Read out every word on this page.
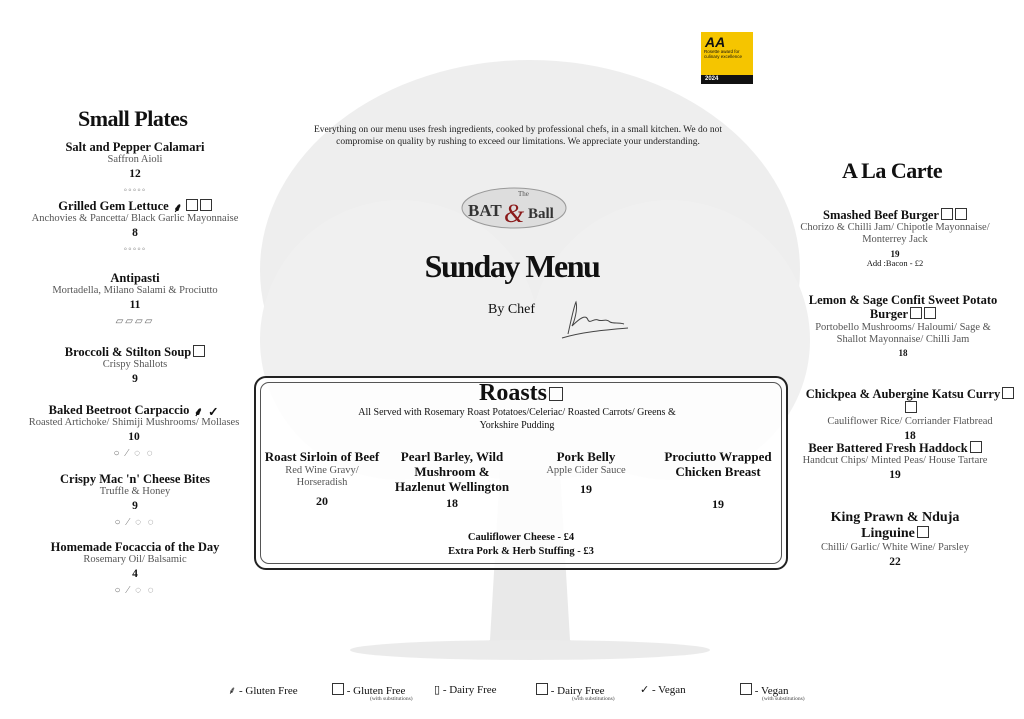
AA
Rosette award for culinary excellence
2024
Everything on our menu uses fresh ingredients, cooked by professional chefs, in a small kitchen. We do not compromise on quality by rushing to exceed our limitations. We appreciate your understanding.
The
BAT & Ball
Sunday Menu
By Chef
Small Plates
Salt and Pepper Calamari
Saffron Aioli
12
◦◦◦◦◦
Grilled Gem Lettuce ⸙
Anchovies & Pancetta/ Black Garlic Mayonnaise
8
◦◦◦◦◦
Antipasti
Mortadella, Milano Salami & Prociutto
11
▱▱▱▱
Broccoli & Stilton Soup
Crispy Shallots
9
Baked Beetroot Carpaccio ⸙ ✓
Roasted Artichoke/ Shimiji Mushrooms/ Mollases
10
○ ⁄ ◌ ◌
Crispy Mac 'n' Cheese Bites
Truffle & Honey
9
○ ⁄ ◌ ◌
Homemade Focaccia of the Day
Rosemary Oil/ Balsamic
4
○ ⁄ ◌ ◌
Roasts
All Served with Rosemary Roast Potatoes/Celeriac/ Roasted Carrots/ Greens & Yorkshire Pudding
Roast Sirloin of Beef
Red Wine Gravy/ Horseradish
20
Pearl Barley, Wild Mushroom & Hazlenut Wellington
18
Pork Belly
Apple Cider Sauce
19
Prociutto Wrapped Chicken Breast
19
Cauliflower Cheese - £4
Extra Pork & Herb Stuffing - £3
A La Carte
Smashed Beef Burger
Chorizo & Chilli Jam/ Chipotle Mayonnaise/ Monterrey Jack
19
Add :Bacon - £2
Lemon & Sage Confit Sweet Potato Burger
Portobello Mushrooms/ Haloumi/ Sage & Shallot Mayonnaise/ Chilli Jam
18
Chickpea & Aubergine Katsu Curry
Cauliflower Rice/ Corriander Flatbread
18
Beer Battered Fresh Haddock
Handcut Chips/ Minted Peas/ House Tartare
19
King Prawn & Nduja Linguine
Chilli/ Garlic/ White Wine/ Parsley
22
⸙ - Gluten Free	- Gluten Free
(with substitutions)
▯ - Dairy Free	- Dairy Free
(with substitutions)
✓ - Vegan	- Vegan
(with substitutions)
